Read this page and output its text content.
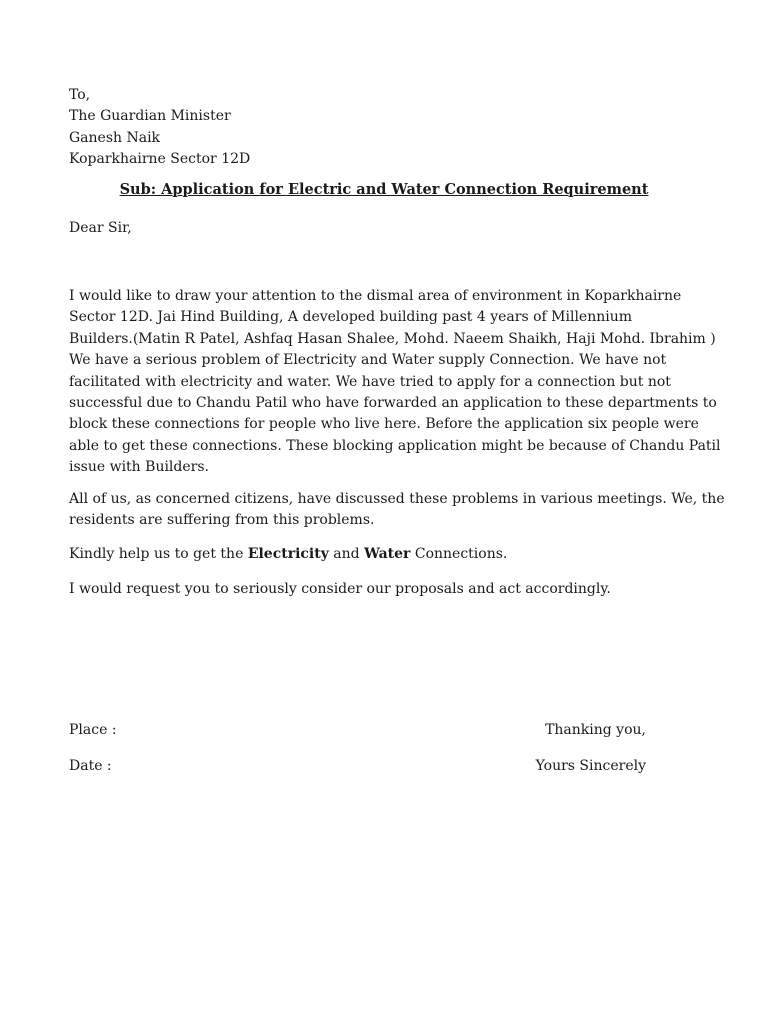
To,
The Guardian Minister
Ganesh Naik
Koparkhairne Sector 12D
Sub: Application for Electric and Water Connection Requirement
Dear Sir,

I would like to draw your attention to the dismal area of environment in Koparkhairne
Sector 12D. Jai Hind Building, A developed building past 4 years of Millennium
Builders.(Matin R Patel, Ashfaq Hasan Shalee, Mohd. Naeem Shaikh, Haji Mohd. Ibrahim )
We have a serious problem of Electricity and Water supply Connection. We have not
facilitated with electricity and water. We have tried to apply for a connection but not
successful due to Chandu Patil who have forwarded an application to these departments to
block these connections for people who live here. Before the application six people were
able to get these connections. These blocking application might be because of Chandu Patil
issue with Builders.

All of us, as concerned citizens, have discussed these problems in various meetings. We, the
residents are suffering from this problems.

Kindly help us to get the Electricity and Water Connections.

I would request you to seriously consider our proposals and act accordingly.

Place :
Date :
Thanking you,
Yours Sincerely
